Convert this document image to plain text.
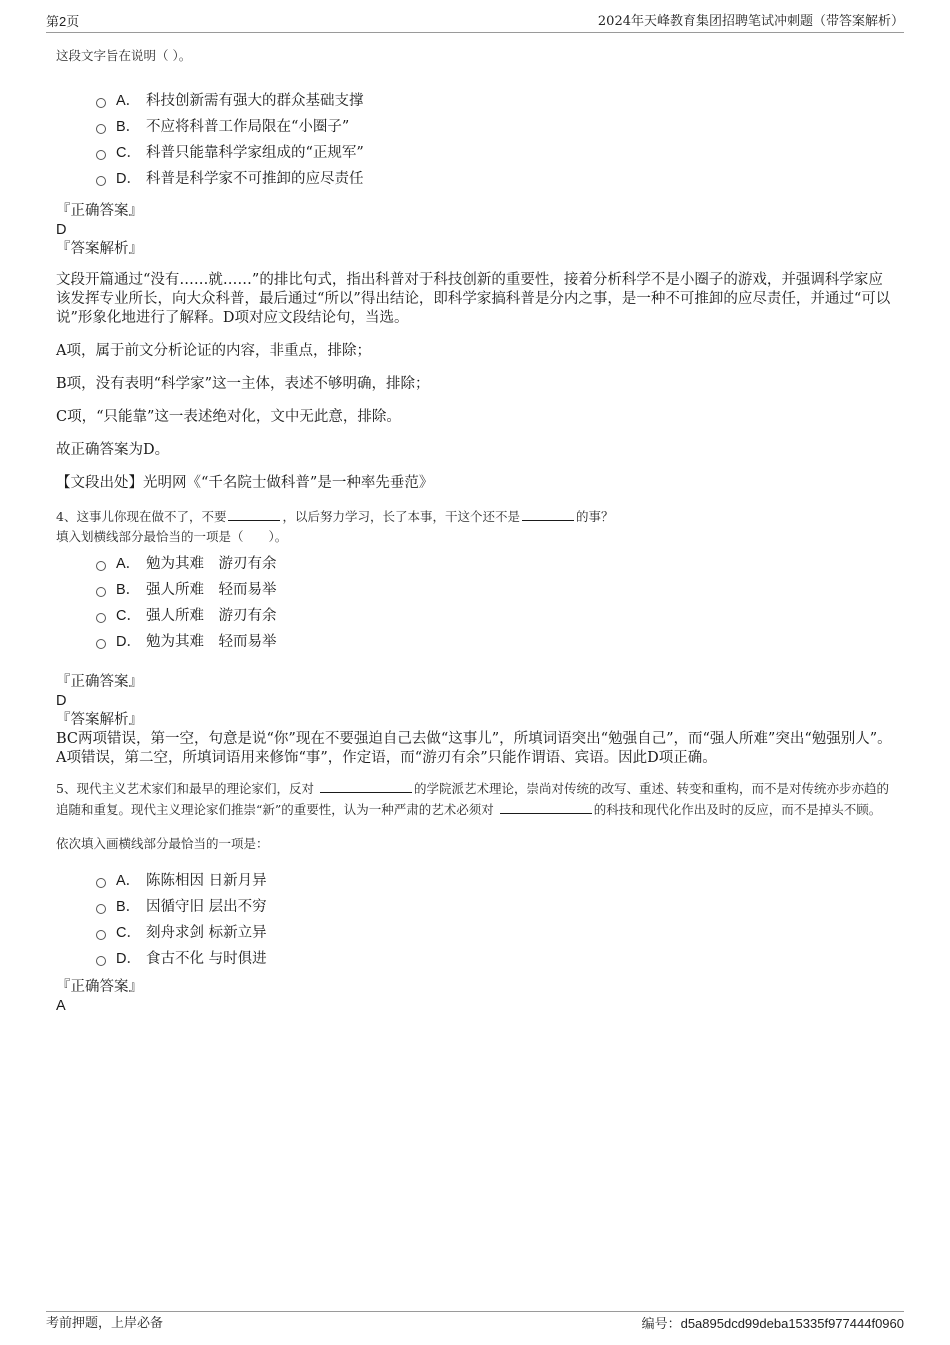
第2页	2024年天峰教育集团招聘笔试冲刺题（带答案解析）

这段文字旨在说明（ ）。

A． 科技创新需有强大的群众基础支撑
B． 不应将科普工作局限在“小圈子”
C． 科普只能靠科学家组成的“正规军”
D． 科普是科学家不可推卸的应尽责任
『正确答案』
D
『答案解析』

文段开篇通过“没有……就……”的排比句式，指出科普对于科技创新的重要性，接着分析科学不是小圈子的游戏，并强调科学家应该发挥专业所长，向大众科普，最后通过“所以”得出结论，即科学家搞科普是分内之事，是一种不可推卸的应尽责任，并通过“可以说”形象化地进行了解释。D项对应文段结论句，当选。

A项，属于前文分析论证的内容，非重点，排除；

B项，没有表明“科学家”这一主体，表述不够明确，排除；

C项，“只能靠”这一表述绝对化，文中无此意，排除。

故正确答案为D。

【文段出处】光明网《“千名院士做科普”是一种率先垂范》

4、这事儿你现在做不了，不要	，以后努力学习，长了本事，干这个还不是	的事？

填入划横线部分最恰当的一项是（　　）。

A． 勉为其难　游刃有余
B． 强人所难　轻而易举
C． 强人所难　游刃有余
D． 勉为其难　轻而易举
『正确答案』
D
『答案解析』

BC两项错误，第一空，句意是说“你”现在不要强迫自己去做“这事儿”，所填词语突出“勉强自己”，而“强人所难”突出“勉强别人”。A项错误，第二空，所填词语用来修饰“事”，作定语，而“游刃有余”只能作谓语、宾语。因此D项正确。

5、现代主义艺术家们和最早的理论家们，反对	的学院派艺术理论，崇尚对传统的改写、重述、转变和重构，而不是对传统亦步亦趋的追随和重复。现代主义理论家们推崇“新”的重要性，认为一种严肃的艺术必须对	的科技和现代化作出及时的反应，而不是掉头不顾。

依次填入画横线部分最恰当的一项是：

A． 陈陈相因 日新月异
B． 因循守旧 层出不穷
C． 刻舟求剑 标新立异
D． 食古不化 与时俱进
『正确答案』
A
考前押题，上岸必备	编号：d5a895dcd99deba15335f977444f0960
